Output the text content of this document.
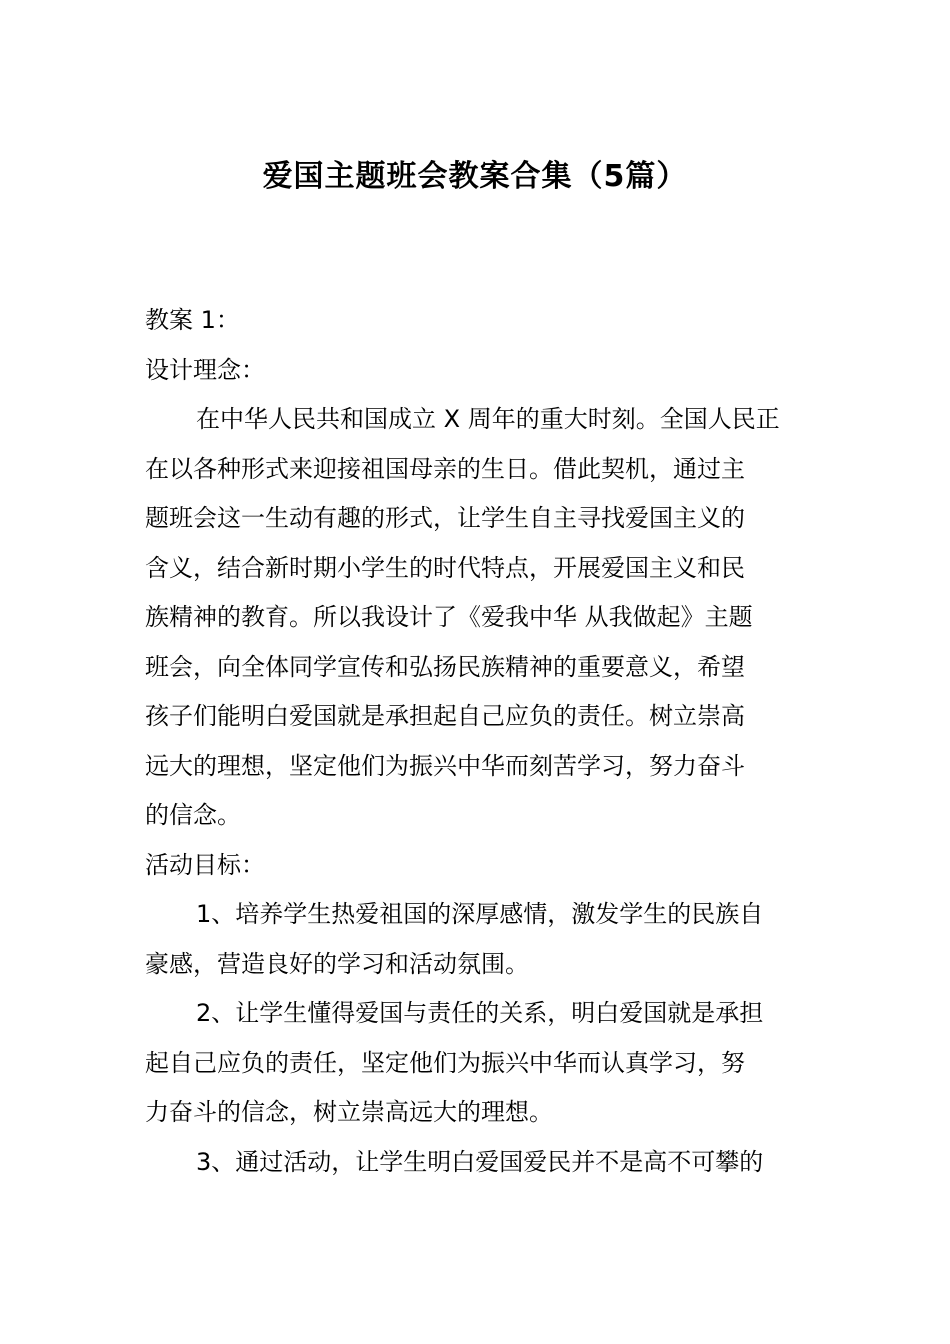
爱国主题班会教案合集（5篇）
教案 1：
设计理念：
在中华人民共和国成立 X 周年的重大时刻。全国人民正
在以各种形式来迎接祖国母亲的生日。借此契机，通过主
题班会这一生动有趣的形式，让学生自主寻找爱国主义的
含义，结合新时期小学生的时代特点，开展爱国主义和民
族精神的教育。所以我设计了《爱我中华 从我做起》主题
班会，向全体同学宣传和弘扬民族精神的重要意义，希望
孩子们能明白爱国就是承担起自己应负的责任。树立崇高
远大的理想，坚定他们为振兴中华而刻苦学习，努力奋斗
的信念。
活动目标：
1、培养学生热爱祖国的深厚感情，激发学生的民族自
豪感，营造良好的学习和活动氛围。
2、让学生懂得爱国与责任的关系，明白爱国就是承担
起自己应负的责任，坚定他们为振兴中华而认真学习，努
力奋斗的信念，树立崇高远大的理想。
3、通过活动，让学生明白爱国爱民并不是高不可攀的
